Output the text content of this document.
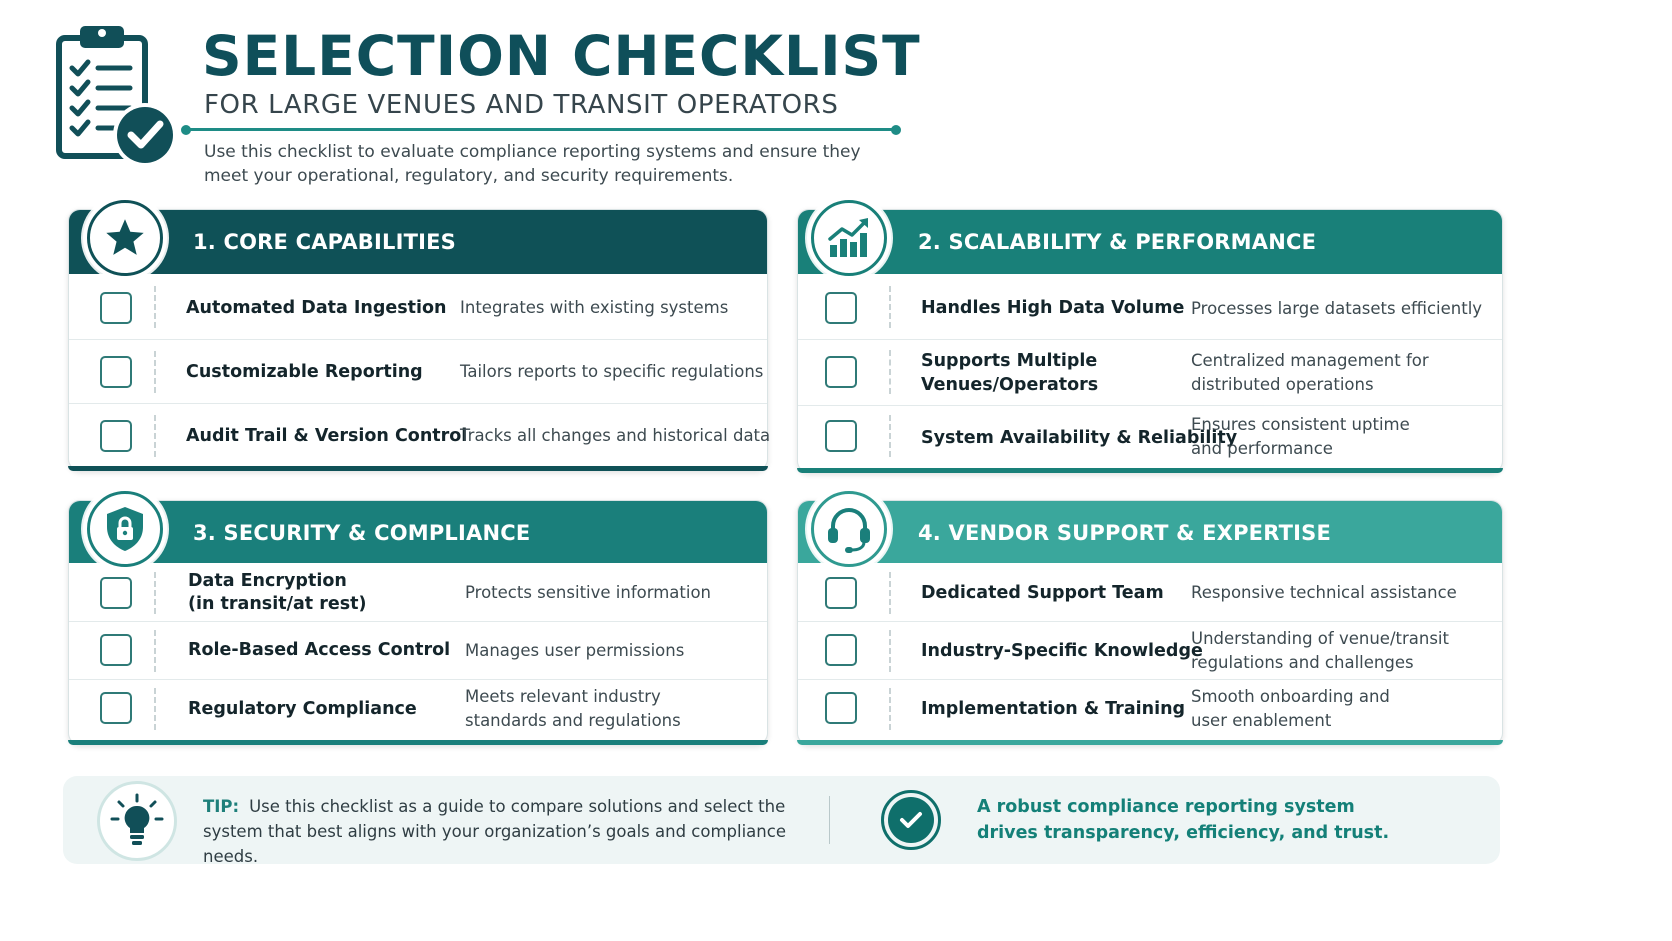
SELECTION CHECKLIST
FOR LARGE VENUES AND TRANSIT OPERATORS
Use this checklist to evaluate compliance reporting systems and ensure they meet your operational, regulatory, and security requirements.
1. CORE CAPABILITIES
Automated Data Ingestion Integrates with existing systems
Customizable Reporting Tailors reports to specific regulations
Audit Trail & Version Control
Tracks all changes and historical data
2. SCALABILITY & PERFORMANCE
Handles High Data Volume Processes large datasets efficiently
Supports Multiple
Venues/Operators
Centralized management for
distributed operations
System Availability & Reliability
Ensures consistent uptime
and performance
3. SECURITY & COMPLIANCE
Data Encryption
(in transit/at rest)
Protects sensitive information
Role-Based Access Control Manages user permissions
Regulatory Compliance
Meets relevant industry
standards and regulations
4. VENDOR SUPPORT & EXPERTISE
Dedicated Support Team Responsive technical assistance
Industry-Specific Knowledge
Understanding of venue/transit
regulations and challenges
Implementation & Training
Smooth onboarding and
user enablement
TIP: Use this checklist as a guide to compare solutions and select the system that best aligns with your organization’s goals and compliance needs.
A robust compliance reporting system drives transparency, efficiency, and trust.
